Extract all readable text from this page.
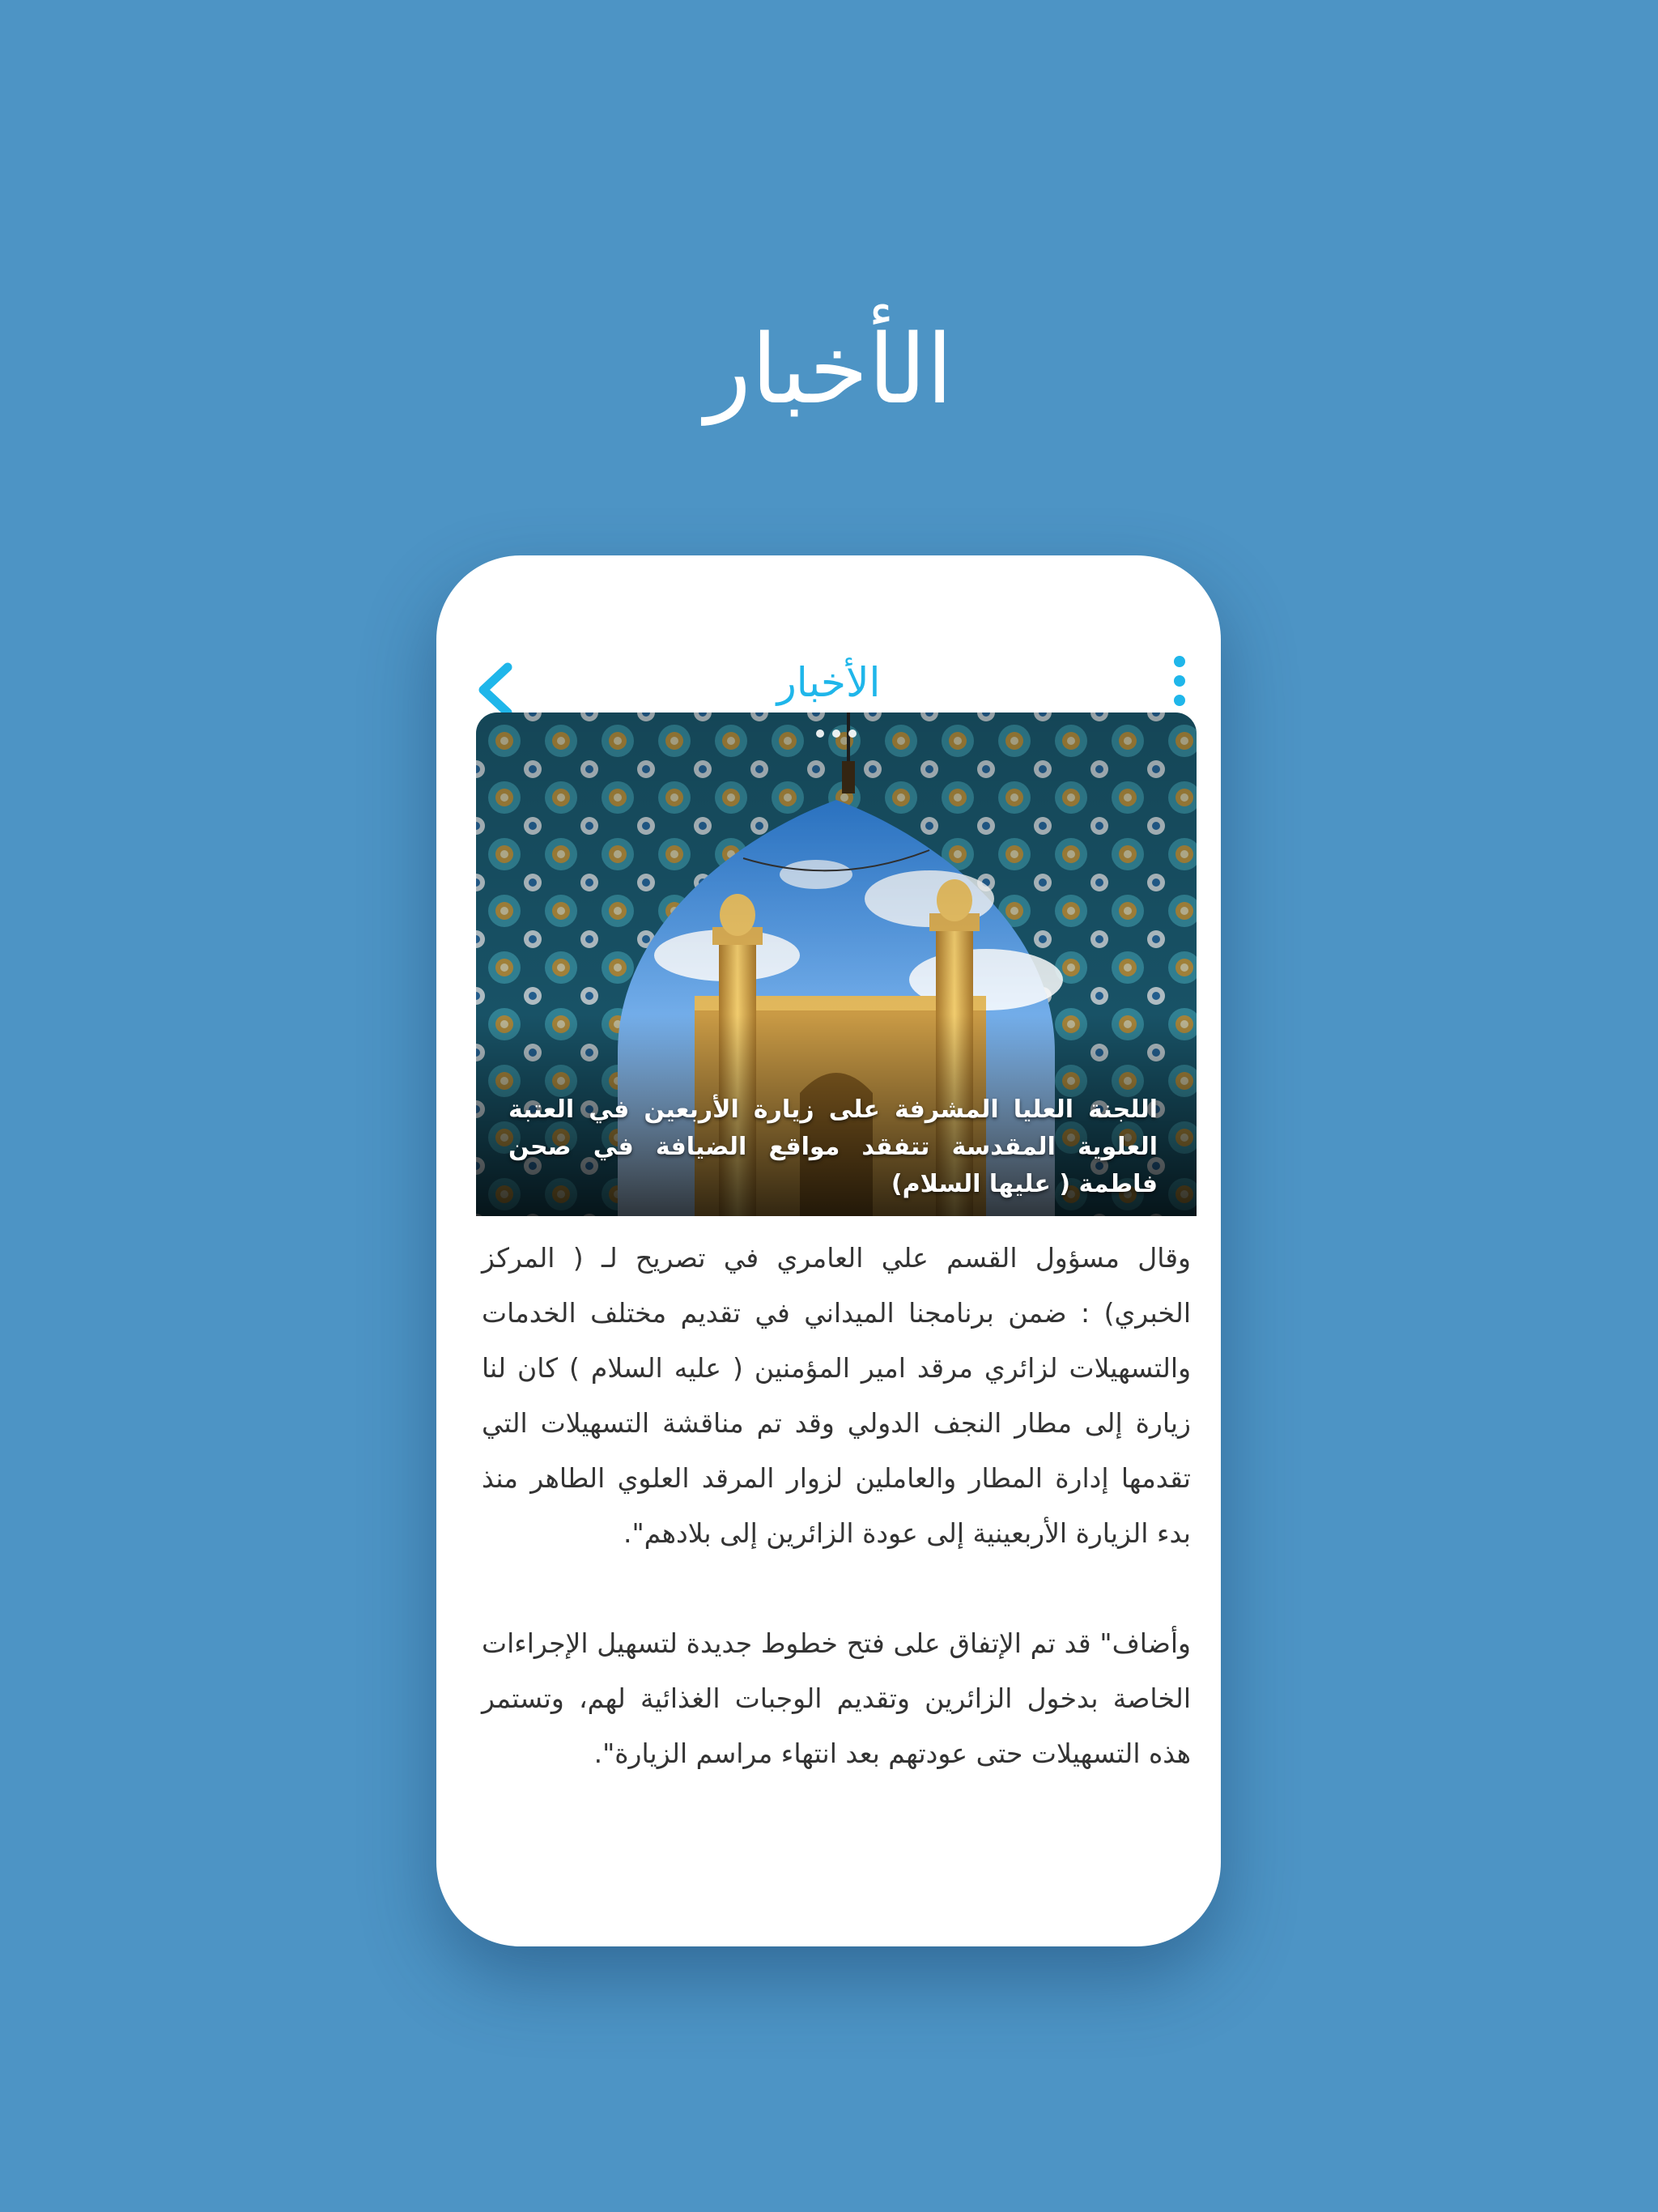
الأخبار
الأخبار
اللجنة العليا المشرفة على زيارة الأربعين في العتبة العلوية المقدسة تتفقد مواقع الضيافة في صحن فاطمة ( عليها السلام)

وقال مسؤول القسم علي العامري في تصريح لـ ( المركز الخبري) : ضمن برنامجنا الميداني في تقديم مختلف الخدمات والتسهيلات لزائري مرقد امير المؤمنين ( عليه السلام ) كان لنا زيارة إلى مطار النجف الدولي وقد تم مناقشة التسهيلات التي تقدمها إدارة المطار والعاملين لزوار المرقد العلوي الطاهر منذ بدء الزيارة الأربعينية إلى عودة الزائرين إلى بلادهم".

وأضاف" قد تم الإتفاق على فتح خطوط جديدة لتسهيل الإجراءات الخاصة بدخول الزائرين وتقديم الوجبات الغذائية لهم، وتستمر هذه التسهيلات حتى عودتهم بعد انتهاء مراسم الزيارة".
